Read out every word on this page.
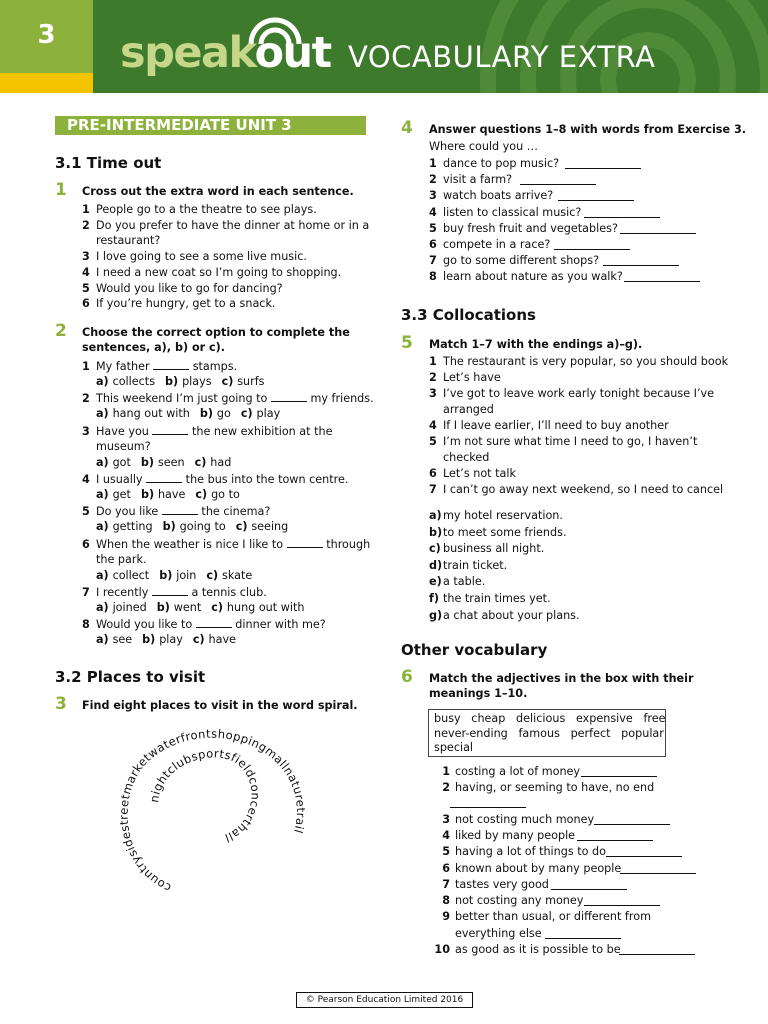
3	speakout VOCABULARY EXTRA
PRE-INTERMEDIATE UNIT 3
3.1 Time out
1 Cross out the extra word in each sentence.
1 People go to a the theatre to see plays.
2 Do you prefer to have the dinner at home or in a
restaurant?
3 I love going to see a some live music.
4 I need a new coat so I’m going to shopping.
5 Would you like to go for dancing?
6 If you’re hungry, get to a snack.
2 Choose the correct option to complete the
sentences, a), b) or c).
1 My father	stamps.
a) collects b) plays c) surfs
2 This weekend I’m just going to	my friends.
a) hang out with b) go c) play
3 Have you	the new exhibition at the
museum?
a) got b) seen c) had
4 I usually	the bus into the town centre.
a) get b) have c) go to
5 Do you like	the cinema?
a) getting b) going to c) seeing
6 When the weather is nice I like to	through
the park.
a) collect b) join c) skate
7 I recently	a tennis club.
a) joined b) went c) hung out with
8 Would you like to	dinner with me?
a) see b) play c) have
3.2 Places to visit
3 Find eight places to visit in the word spiral.
countrysidestreetmarketwaterfrontshoppingmallnaturetrail
nightclubsportsfieldconcerthall
4 Answer questions 1–8 with words from Exercise 3.
Where could you …
1 dance to pop music?
2 visit a farm?
3 watch boats arrive?
4 listen to classical music?
5 buy fresh fruit and vegetables?
6 compete in a race?
7 go to some different shops?
8 learn about nature as you walk?
3.3 Collocations
5 Match 1–7 with the endings a)–g).
1 The restaurant is very popular, so you should book
2 Let’s have
3 I’ve got to leave work early tonight because I’ve
arranged
4 If I leave earlier, I’ll need to buy another
5 I’m not sure what time I need to go, I haven’t
checked
6 Let’s not talk
7 I can’t go away next weekend, so I need to cancel
a)my hotel reservation.
b)to meet some friends.
c) business all night.
d)train ticket.
e)a table.
f) the train times yet.
g)a chat about your plans.
Other vocabulary
6 Match the adjectives in the box with their
meanings 1–10.
busy   cheap   delicious   expensive   free
never-ending   famous   perfect   popular
special
1 costing a lot of money
2 having, or seeming to have, no end
3 not costing much money
4 liked by many people
5 having a lot of things to do
6 known about by many people
7 tastes very good
8 not costing any money
9 better than usual, or different from
everything else
10 as good as it is possible to be
© Pearson Education Limited 2016
